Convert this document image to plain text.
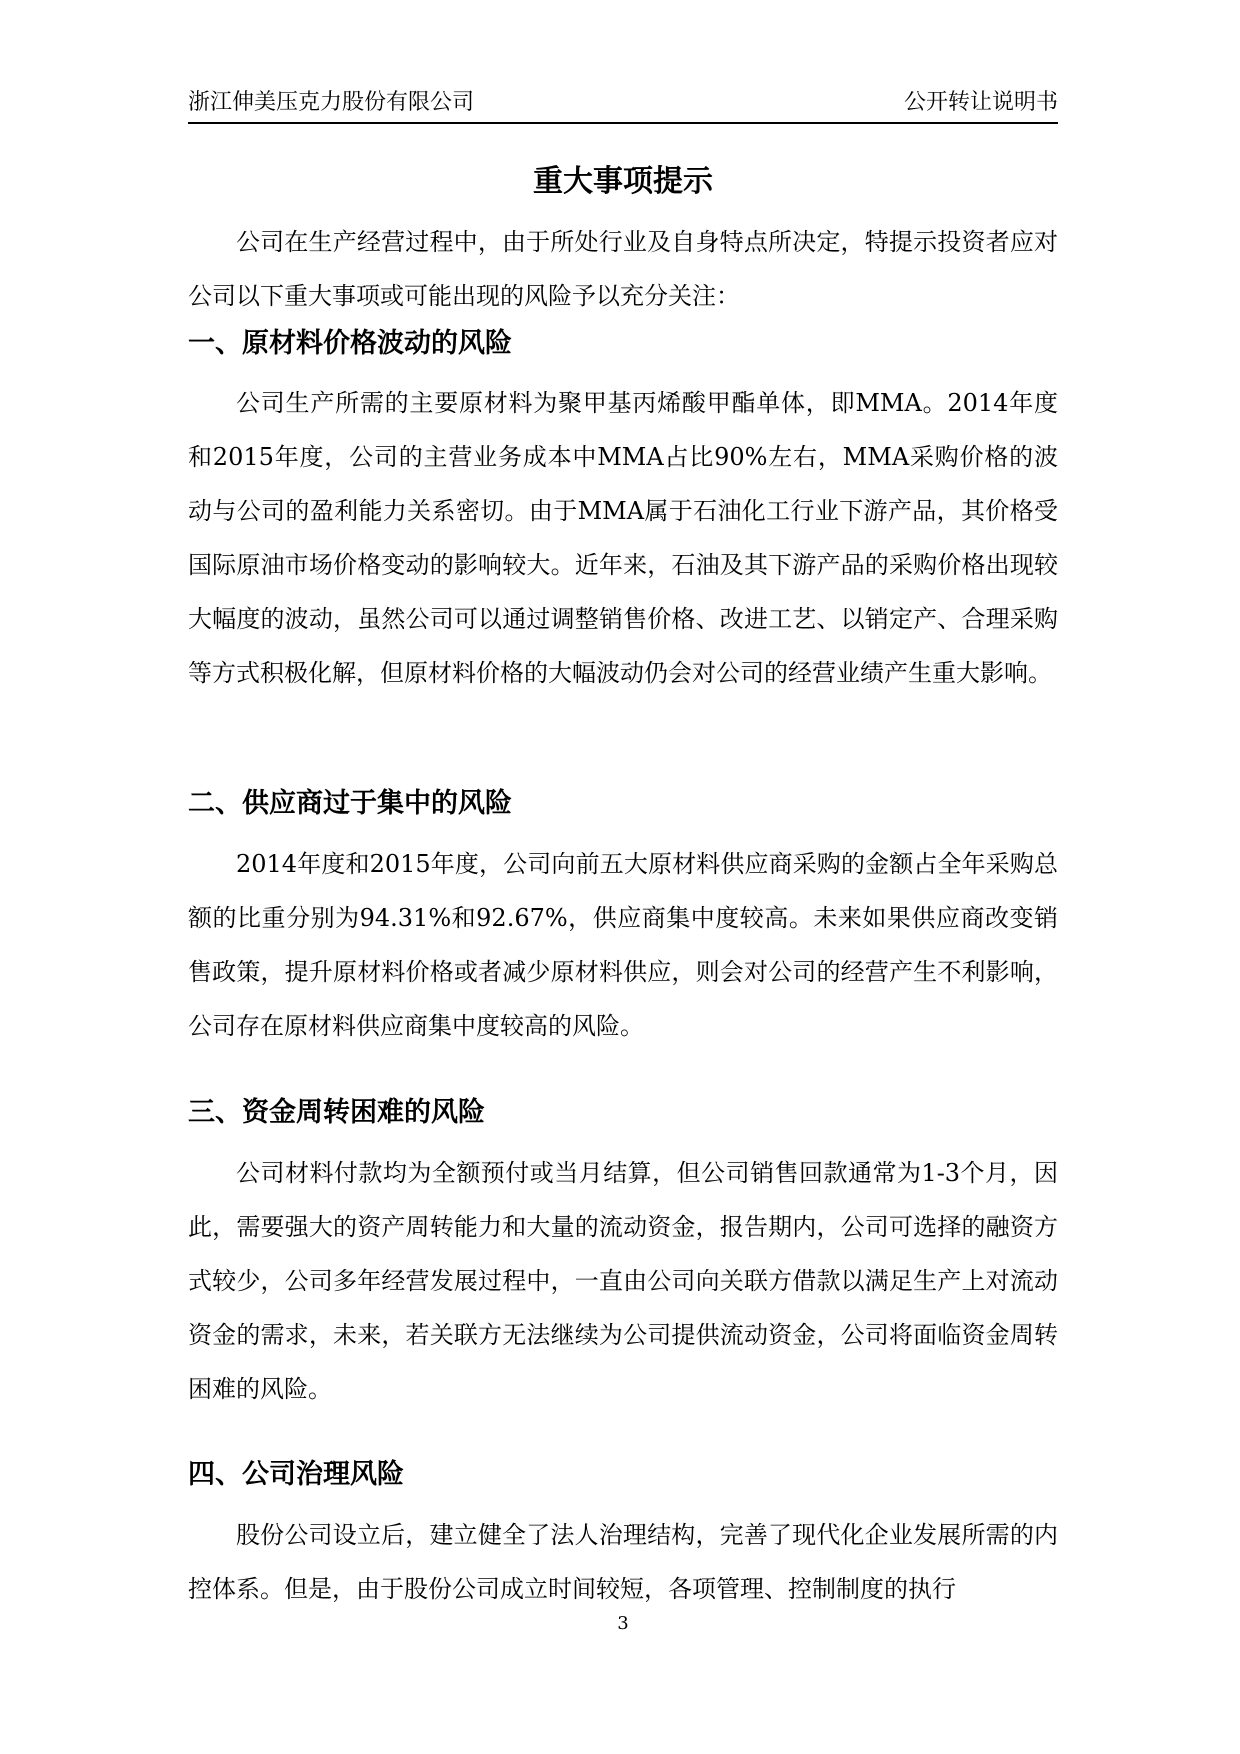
浙江伸美压克力股份有限公司	公开转让说明书
重大事项提示

公司在生产经营过程中，由于所处行业及自身特点所决定，特提示投资者应对公司以下重大事项或可能出现的风险予以充分关注：

一、原材料价格波动的风险

公司生产所需的主要原材料为聚甲基丙烯酸甲酯单体，即MMA。2014年度和2015年度，公司的主营业务成本中MMA占比90%左右，MMA采购价格的波动与公司的盈利能力关系密切。由于MMA属于石油化工行业下游产品，其价格受国际原油市场价格变动的影响较大。近年来，石油及其下游产品的采购价格出现较大幅度的波动，虽然公司可以通过调整销售价格、改进工艺、以销定产、合理采购等方式积极化解，但原材料价格的大幅波动仍会对公司的经营业绩产生重大影响。

二、供应商过于集中的风险

2014年度和2015年度，公司向前五大原材料供应商采购的金额占全年采购总额的比重分别为94.31%和92.67%，供应商集中度较高。未来如果供应商改变销售政策，提升原材料价格或者减少原材料供应，则会对公司的经营产生不利影响，公司存在原材料供应商集中度较高的风险。

三、资金周转困难的风险

公司材料付款均为全额预付或当月结算，但公司销售回款通常为1-3个月，因此，需要强大的资产周转能力和大量的流动资金，报告期内，公司可选择的融资方式较少，公司多年经营发展过程中，一直由公司向关联方借款以满足生产上对流动资金的需求，未来，若关联方无法继续为公司提供流动资金，公司将面临资金周转困难的风险。

四、公司治理风险

股份公司设立后，建立健全了法人治理结构，完善了现代化企业发展所需的内控体系。但是，由于股份公司成立时间较短，各项管理、控制制度的执行

3
